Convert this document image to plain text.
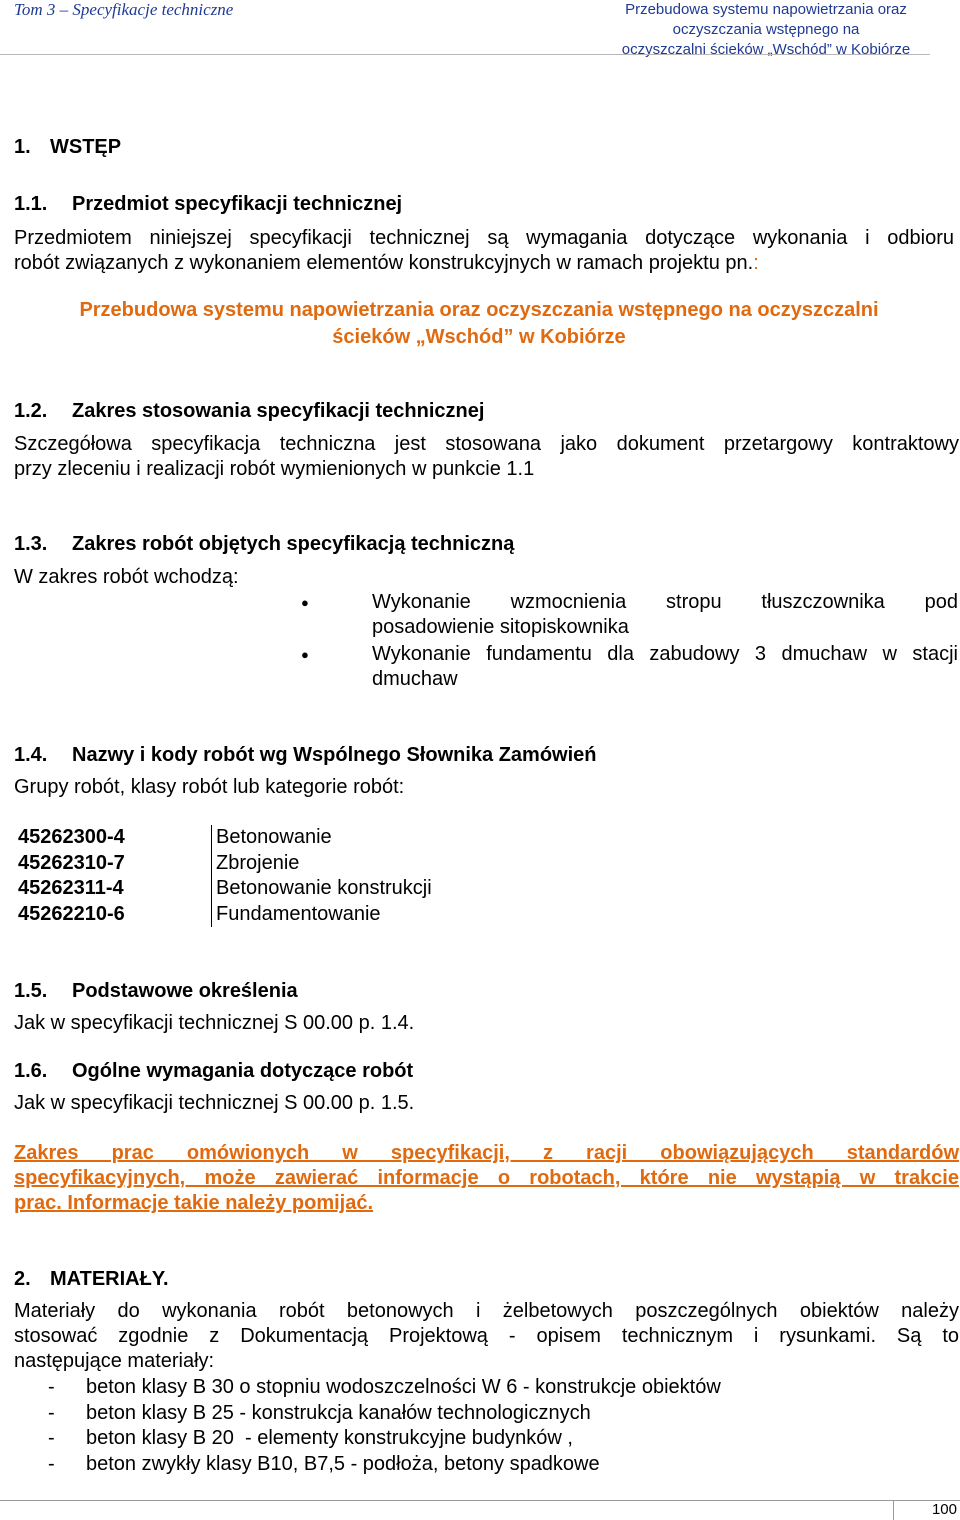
Tom 3 – Specyfikacje techniczne	Przebudowa systemu napowietrzania oraz oczyszczania wstępnego na
oczyszczalni ścieków „Wschód” w Kobiórze
1. WSTĘP
1.1. Przedmiot specyfikacji technicznej
Przedmiotem niniejszej specyfikacji technicznej są wymagania dotyczące wykonania i odbioru
robót związanych z wykonaniem elementów konstrukcyjnych w ramach projektu pn.:
Przebudowa systemu napowietrzania oraz oczyszczania wstępnego na oczyszczalni
ścieków „Wschód” w Kobiórze
1.2. Zakres stosowania specyfikacji technicznej
Szczegółowa specyfikacja techniczna jest stosowana jako dokument przetargowy kontraktowy
przy zleceniu i realizacji robót wymienionych w punkcie 1.1
1.3. Zakres robót objętych specyfikacją techniczną
W zakres robót wchodzą:
●	Wykonanie wzmocnienia stropu tłuszczownika pod
posadowienie sitopiskownika
●	Wykonanie fundamentu dla zabudowy 3 dmuchaw w stacji
dmuchaw
1.4. Nazwy i kody robót wg Wspólnego Słownika Zamówień
Grupy robót, klasy robót lub kategorie robót:
45262300-4	Betonowanie
45262310-7	Zbrojenie
45262311-4	Betonowanie konstrukcji
45262210-6	Fundamentowanie
1.5. Podstawowe określenia
Jak w specyfikacji technicznej S 00.00 p. 1.4.
1.6. Ogólne wymagania dotyczące robót
Jak w specyfikacji technicznej S 00.00 p. 1.5.
Zakres prac omówionych w specyfikacji, z racji obowiązujących standardów
specyfikacyjnych, może zawierać informacje o robotach, które nie wystąpią w trakcie
prac. Informacje takie należy pomijać.
2. MATERIAŁY.
Materiały do wykonania robót betonowych i żelbetowych poszczególnych obiektów należy
stosować zgodnie z Dokumentacją Projektową - opisem technicznym i rysunkami. Są to
następujące materiały:
-	beton klasy B 30 o stopniu wodoszczelności W 6 - konstrukcje obiektów
-	beton klasy B 25 - konstrukcja kanałów technologicznych
-	beton klasy B 20  - elementy konstrukcyjne budynków ,
-	beton zwykły klasy B10, B7,5 - podłoża, betony spadkowe
100
